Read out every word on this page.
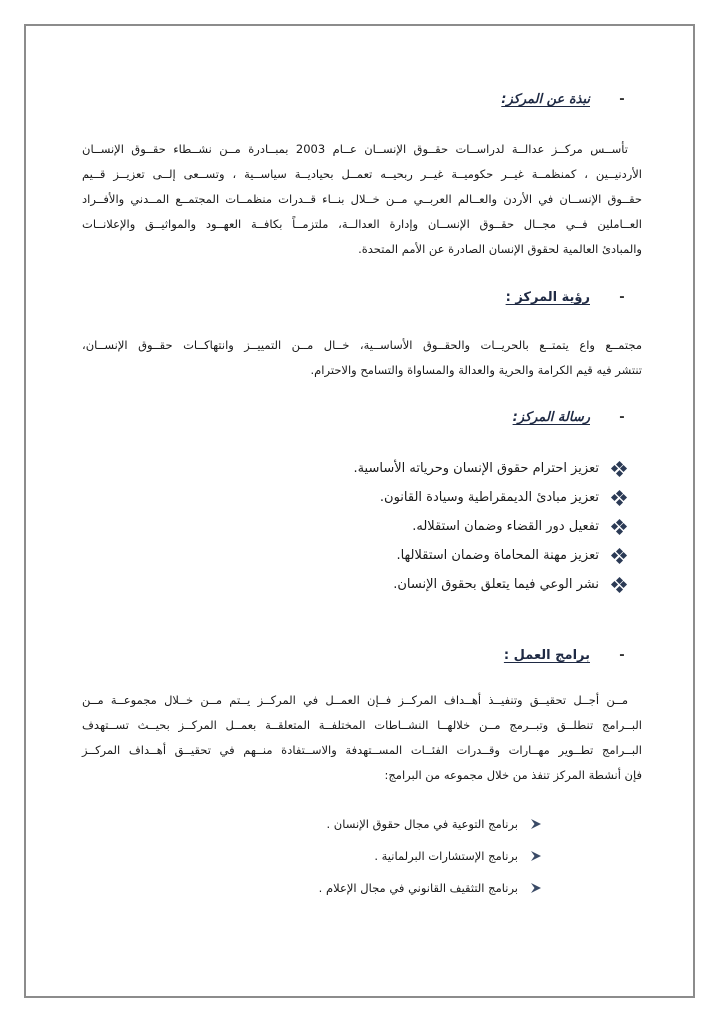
-
نبذة عن المركز:
تأســس مركــز عدالــة لدراســات حقــوق الإنســان عــام 2003 بمبــادرة مــن نشــطاء حقــوق الإنســان
الأردنيــين ، كمنظمــة غيــر حكوميــة غيــر ربحيــه تعمــل بحياديــة سياســية ، وتســعى إلــى تعزيــز قــيم
حقــوق الإنســان في الأردن والعــالم العربــي مــن خــلال بنــاء قــدرات منظمــات المجتمــع المــدني والأفــراد
العــاملين فــي مجــال حقــوق الإنســان وإدارة العدالــة، ملتزمــاً بكافــة العهــود والمواثيــق والإعلانــات
والمبادئ العالمية لحقوق الإنسان الصادرة عن الأمم المتحدة.
-
رؤية المركز :
مجتمــع واع يتمتــع بالحريــات والحقــوق الأساســية، خــال مــن التمييــز وانتهاكــات حقــوق الإنســان،
تنتشر فيه قيم الكرامة والحرية والعدالة والمساواة والتسامح والاحترام.
-
رسالة المركز:
تعزيز احترام حقوق الإنسان وحرياته الأساسية.
تعزيز مبادئ الديمقراطية وسيادة القانون.
تفعيل دور القضاء وضمان استقلاله.
تعزيز مهنة المحاماة وضمان استقلالها.
نشر الوعي فيما يتعلق بحقوق الإنسان.
-
برامج العمل :
مــن أجــل تحقيــق وتنفيــذ أهــداف المركــز فــإن العمــل في المركــز يــتم مــن خــلال مجموعــة مــن
البــرامج تنطلــق وتبــرمج مــن خلالهــا النشــاطات المختلفــة المتعلقــة بعمــل المركــز بحيــث تســتهدف
البــرامج تطــوير مهــارات وقــدرات الفئــات المســتهدفة والاســتفادة منــهم في تحقيــق أهــداف المركــز
فإن أنشطة المركز تنفذ من خلال مجموعه من البرامج:
برنامج التوعية في مجال حقوق الإنسان .
برنامج الإستشارات البرلمانية .
برنامج التثقيف القانوني في مجال الإعلام .
